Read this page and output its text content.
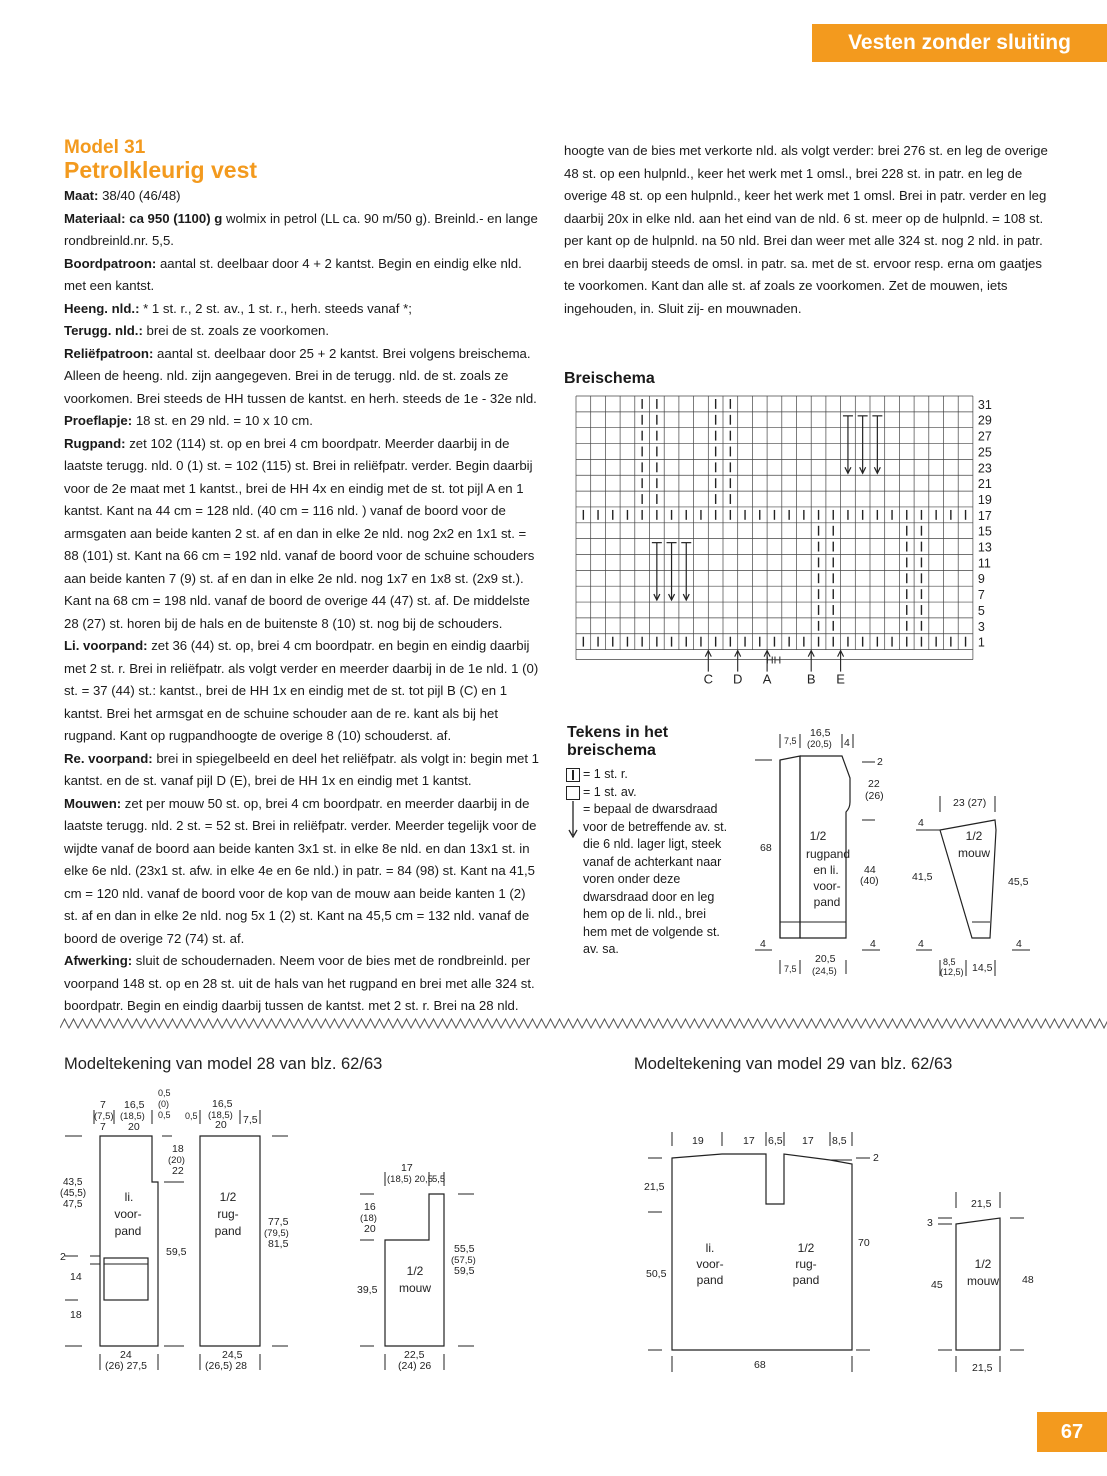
Vesten zonder sluiting
Model 31
Petrolkleurig vest

Maat: 38/40 (46/48)

Materiaal: ca 950 (1100) g wolmix in petrol (LL ca. 90 m/50 g). Breinld.- en lange rondbreinld.nr. 5,5.

Boordpatroon: aantal st. deelbaar door 4 + 2 kantst. Begin en eindig elke nld. met een kantst.

Heeng. nld.: * 1 st. r., 2 st. av., 1 st. r., herh. steeds vanaf *;

Terugg. nld.: brei de st. zoals ze voorkomen.

Reliëfpatroon: aantal st. deelbaar door 25 + 2 kantst. Brei volgens breischema. Alleen de heeng. nld. zijn aangegeven. Brei in de terugg. nld. de st. zoals ze voorkomen. Brei steeds de HH tussen de kantst. en herh. steeds de 1e - 32e nld.

Proeflapje: 18 st. en 29 nld. = 10 x 10 cm.

Rugpand: zet 102 (114) st. op en brei 4 cm boordpatr. Meerder daarbij in de laatste terugg. nld. 0 (1) st. = 102 (115) st. Brei in reliëfpatr. verder. Begin daarbij voor de 2e maat met 1 kantst., brei de HH 4x en eindig met de st. tot pijl A en 1 kantst. Kant na 44 cm = 128 nld. (40 cm = 116 nld. ) vanaf de boord voor de armsgaten aan beide kanten 2 st. af en dan in elke 2e nld. nog 2x2 en 1x1 st. = 88 (101) st. Kant na 66 cm = 192 nld. vanaf de boord voor de schuine schouders aan beide kanten 7 (9) st. af en dan in elke 2e nld. nog 1x7 en 1x8 st. (2x9 st.). Kant na 68 cm = 198 nld. vanaf de boord de overige 44 (47) st. af. De middelste 28 (27) st. horen bij de hals en de buitenste 8 (10) st. nog bij de schouders.

Li. voorpand: zet 36 (44) st. op, brei 4 cm boordpatr. en begin en eindig daarbij met 2 st. r. Brei in reliëfpatr. als volgt verder en meerder daarbij in de 1e nld. 1 (0) st. = 37 (44) st.: kantst., brei de HH 1x en eindig met de st. tot pijl B (C) en 1 kantst. Brei het armsgat en de schuine schouder aan de re. kant als bij het rugpand. Kant op rugpandhoogte de overige 8 (10) schouderst. af.

Re. voorpand: brei in spiegelbeeld en deel het reliëfpatr. als volgt in: begin met 1 kantst. en de st. vanaf pijl D (E), brei de HH 1x en eindig met 1 kantst.

Mouwen: zet per mouw 50 st. op, brei 4 cm boordpatr. en meerder daarbij in de laatste terugg. nld. 2 st. = 52 st. Brei in reliëfpatr. verder. Meerder tegelijk voor de wijdte vanaf de boord aan beide kanten 3x1 st. in elke 8e nld. en dan 13x1 st. in elke 6e nld. (23x1 st. afw. in elke 4e en 6e nld.) in patr. = 84 (98) st. Kant na 41,5 cm = 120 nld. vanaf de boord voor de kop van de mouw aan beide kanten 1 (2) st. af en dan in elke 2e nld. nog 5x 1 (2) st. Kant na 45,5 cm = 132 nld. vanaf de boord de overige 72 (74) st. af.

Afwerking: sluit de schoudernaden. Neem voor de bies met de rondbreinld. per voorpand 148 st. op en 28 st. uit de hals van het rugpand en brei met alle 324 st. boordpatr. Begin en eindig daarbij tussen de kantst. met 2 st. r. Brei na 28 nld.

hoogte van de bies met verkorte nld. als volgt verder: brei 276 st. en leg de overige 48 st. op een hulpnld., keer het werk met 1 omsl., brei 228 st. in patr. en leg de overige 48 st. op een hulpnld., keer het werk met 1 omsl. Brei in patr. verder en leg daarbij 20x in elke nld. aan het eind van de nld. 6 st. meer op de hulpnld. = 108 st. per kant op de hulpnld. na 50 nld. Brei dan weer met alle 324 st. nog 2 nld. in patr. en brei daarbij steeds de omsl. in patr. sa. met de st. ervoor resp. erna om gaatjes te voorkomen. Kant dan alle st. af zoals ze voorkomen. Zet de mouwen, iets ingehouden, in. Sluit zij- en mouwnaden.

Breischema
31
29
27
25
23
21
19
17
15
13
11
9
7
5
3
1
HH
C D A	B E
Tekens in het
breischema
= 1 st. r.
= 1 st. av.
= bepaal de dwarsdraad voor de betreffende av. st. die 6 nld. lager ligt, steek vanaf de achterkant naar voren onder deze dwarsdraad door en leg hem op de li. nld., brei hem met de volgende st. av. sa.
7,5
16,5
(20,5) 4
2
22
(26)
68
1/2
rugpand
en li.
voor-
pand
44
(40)
4	4
7,5
20,5
(24,5)
23 (27)
4
41,5	45,5
1/2
mouw
4	4
8,5
(12,5) 14,5
Modeltekening van model 28 van blz. 62/63	Modeltekening van model 29 van blz. 62/63
7
(7,5)
7
16,5
(18,5)
20
0,5
(0)
0,5 0,5
16,5
(18,5)
20 7,5
43,5
(45,5)
47,5
18
(20)
22
li.
voor-
pand
2
14
18
59,5
1/2
rug-
pand
77,5
(79,5)
81,5
24
(26) 27,5
24,5
(26,5) 28
17
(18,5) 20,5 5,5
16
(18)
20
1/2
mouw
39,5
55,5
(57,5)
59,5
22,5
(24) 26
19	17 6,5 17 8,5
2
21,5
50,5
70
li.
voor-
pand
1/2
rug-
pand
68
21,5
3
45	48
1/2
mouw
21,5
67
